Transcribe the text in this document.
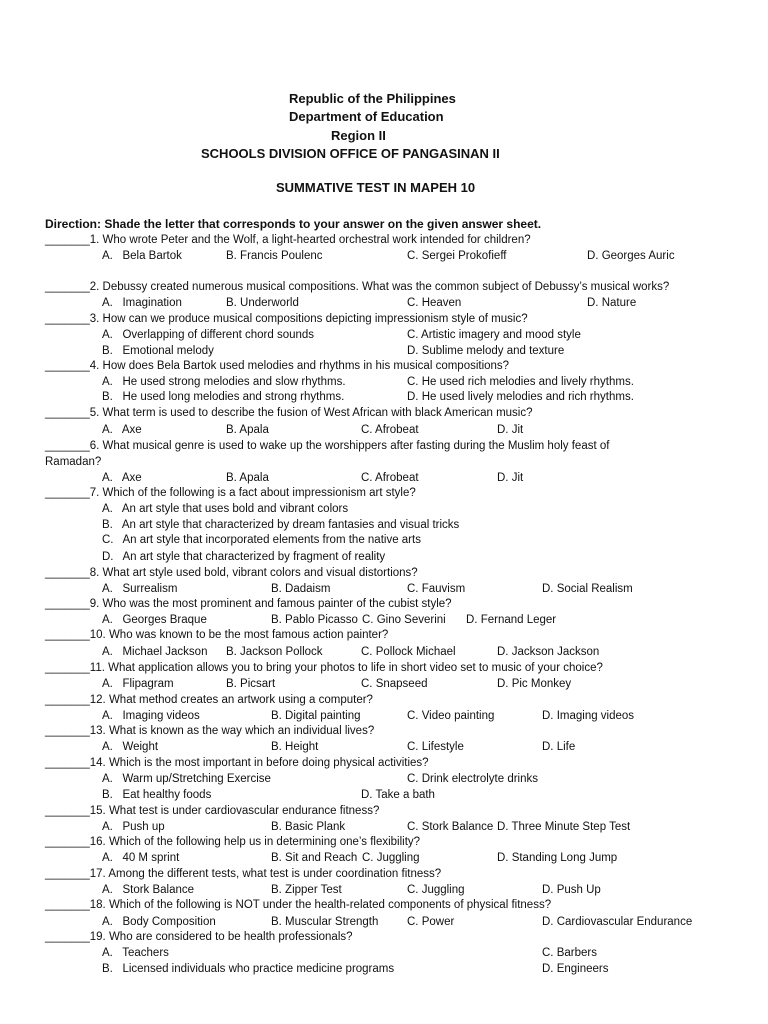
Republic of the Philippines
Department of Education
Region II
SCHOOLS DIVISION OFFICE OF PANGASINAN II
SUMMATIVE TEST IN MAPEH 10
Direction: Shade the letter that corresponds to your answer on the given answer sheet.
_______1. Who wrote Peter and the Wolf, a light-hearted orchestral work intended for children?
A.   Bela Bartok	B. Francis Poulenc	C. Sergei Prokofieff	D. Georges Auric
_______2. Debussy created numerous musical compositions. What was the common subject of Debussy’s musical works?
A.   Imagination	B. Underworld	C. Heaven	D. Nature
_______3. How can we produce musical compositions depicting impressionism style of music?
A.   Overlapping of different chord sounds	C. Artistic imagery and mood style
B.   Emotional melody	D. Sublime melody and texture
_______4. How does Bela Bartok used melodies and rhythms in his musical compositions?
A.   He used strong melodies and slow rhythms.	C. He used rich melodies and lively rhythms.
B.   He used long melodies and strong rhythms.	D. He used lively melodies and rich rhythms.
_______5. What term is used to describe the fusion of West African with black American music?
A.   Axe	B. Apala	C. Afrobeat	D. Jit
_______6. What musical genre is used to wake up the worshippers after fasting during the Muslim holy feast of
Ramadan?
A.   Axe	B. Apala	C. Afrobeat	D. Jit
_______7. Which of the following is a fact about impressionism art style?
A.   An art style that uses bold and vibrant colors
B.   An art style that characterized by dream fantasies and visual tricks
C.   An art style that incorporated elements from the native arts
D.   An art style that characterized by fragment of reality
_______8. What art style used bold, vibrant colors and visual distortions?
A.   Surrealism	B. Dadaism	C. Fauvism	D. Social Realism
_______9. Who was the most prominent and famous painter of the cubist style?
A.   Georges Braque	B. Pablo Picasso C. Gino Severini D. Fernand Leger
_______10. Who was known to be the most famous action painter?
A.   Michael Jackson B. Jackson Pollock	C. Pollock Michael	D. Jackson Jackson
_______11. What application allows you to bring your photos to life in short video set to music of your choice?
A.   Flipagram	B. Picsart	C. Snapseed	D. Pic Monkey
_______12. What method creates an artwork using a computer?
A.   Imaging videos	B. Digital painting	C. Video painting	D. Imaging videos
_______13. What is known as the way which an individual lives?
A.   Weight	B. Height	C. Lifestyle	D. Life
_______14. Which is the most important in before doing physical activities?
A.   Warm up/Stretching Exercise	C. Drink electrolyte drinks
B.   Eat healthy foods	D. Take a bath
_______15. What test is under cardiovascular endurance fitness?
A.   Push up	B. Basic Plank	C. Stork Balance D. Three Minute Step Test
_______16. Which of the following help us in determining one’s flexibility?
A.   40 M sprint	B. Sit and Reach C. Juggling	D. Standing Long Jump
_______17. Among the different tests, what test is under coordination fitness?
A.   Stork Balance	B. Zipper Test	C. Juggling	D. Push Up
_______18. Which of the following is NOT under the health-related components of physical fitness?
A.   Body Composition	B. Muscular Strength C. Power	D. Cardiovascular Endurance
_______19. Who are considered to be health professionals?
A.   Teachers	C. Barbers
B.   Licensed individuals who practice medicine programs	D. Engineers
